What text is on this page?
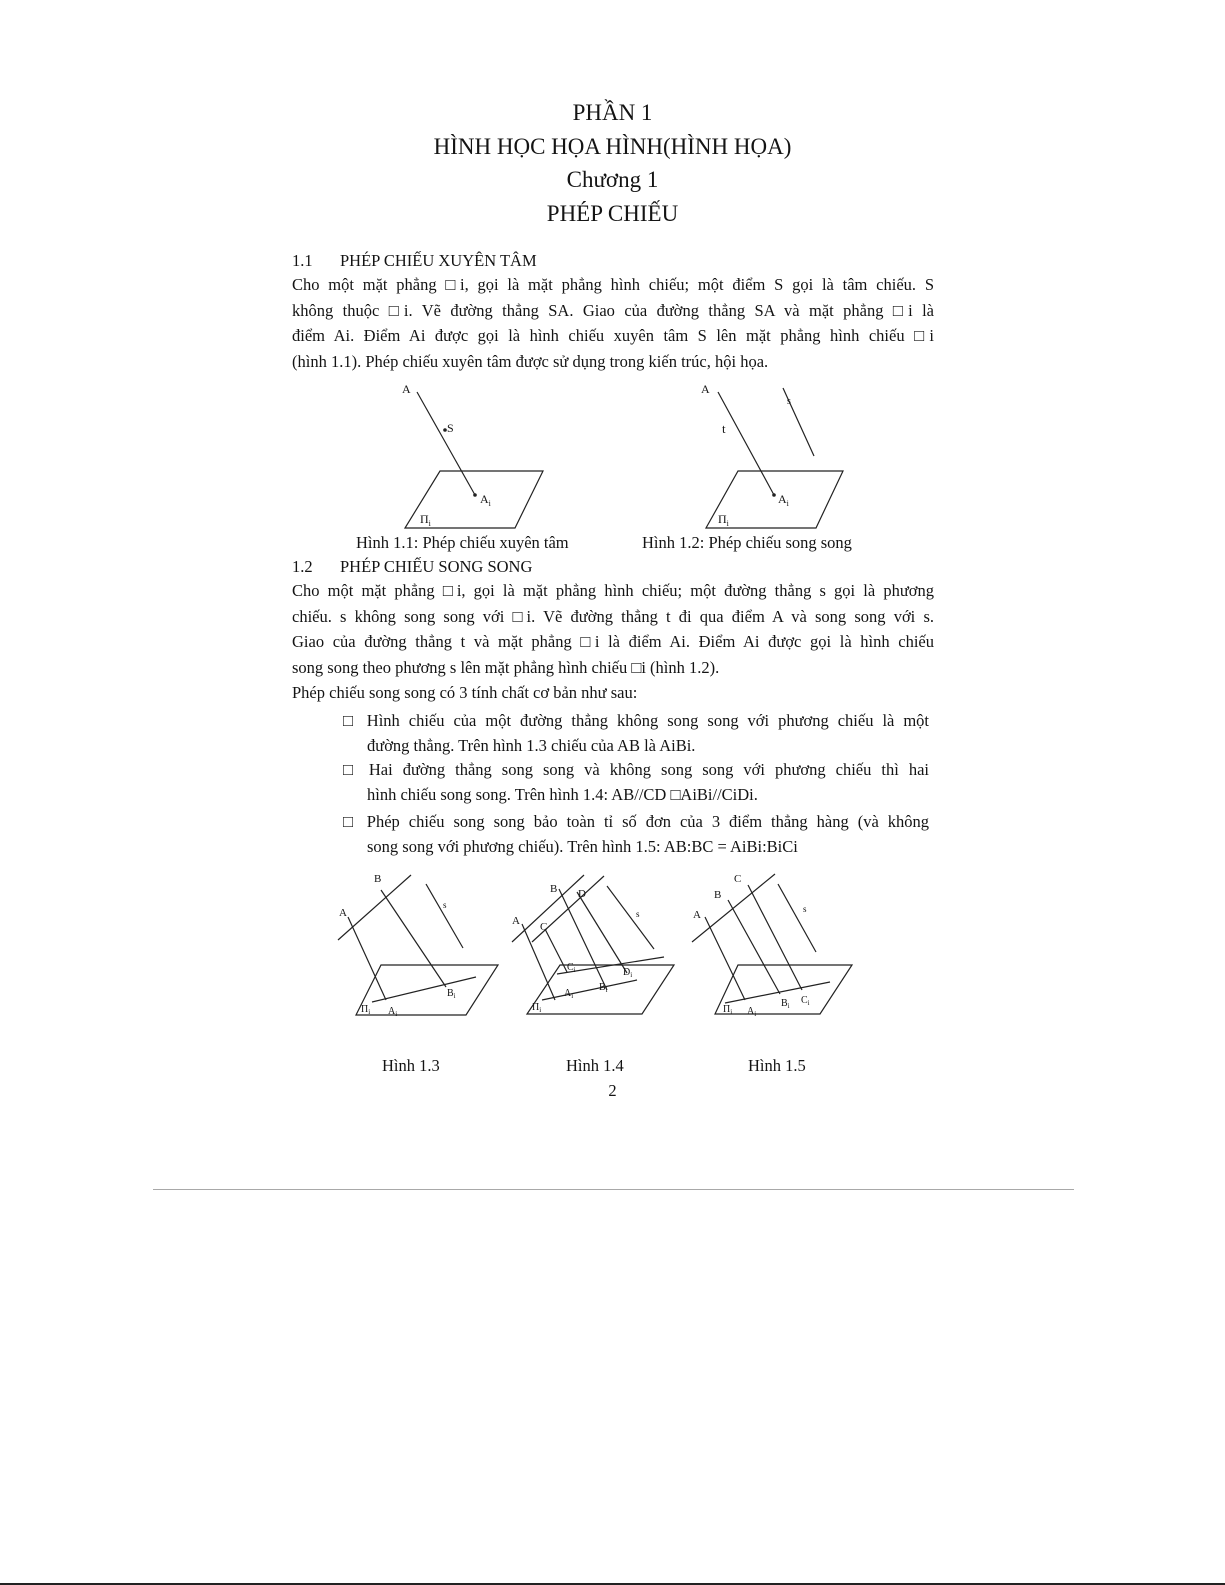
PHẦN 1
HÌNH HỌC HỌA HÌNH(HÌNH HỌA)
Chương 1
PHÉP CHIẾU
1.1 PHÉP CHIẾU XUYÊN TÂM
Cho một mặt phẳng □i, gọi là mặt phẳng hình chiếu; một điểm S gọi là tâm chiếu. S
không thuộc □i. Vẽ đường thẳng SA. Giao của đường thẳng SA và mặt phẳng □i là
điểm Ai. Điểm Ai được gọi là hình chiếu xuyên tâm S lên mặt phẳng hình chiếu □i
(hình 1.1). Phép chiếu xuyên tâm được sử dụng trong kiến trúc, hội họa.
A
S
$A_i$
$\Pi_i$
Hình 1.1: Phép chiếu xuyên tâm
A
s
t
$A_i$
$\Pi_i$
Hình 1.2: Phép chiếu song song
1.2 PHÉP CHIẾU SONG SONG
Cho một mặt phẳng □i, gọi là mặt phẳng hình chiếu; một đường thẳng s gọi là phương
chiếu. s không song song với □i. Vẽ đường thẳng t đi qua điểm A và song song với s.
Giao của đường thẳng t và mặt phẳng □i là điểm Ai. Điểm Ai được gọi là hình chiếu
song song theo phương s lên mặt phẳng hình chiếu □i (hình 1.2).
Phép chiếu song song có 3 tính chất cơ bản như sau:
□ Hình chiếu của một đường thẳng không song song với phương chiếu là một
đường thẳng. Trên hình 1.3 chiếu của AB là AiBi.
□ Hai đường thẳng song song và không song song với phương chiếu thì hai
hình chiếu song song. Trên hình 1.4: AB//CD □AiBi//CiDi.
□ Phép chiếu song song bảo toàn tỉ số đơn của 3 điểm thẳng hàng (và không
song song với phương chiếu). Trên hình 1.5: AB:BC = AiBi:BiCi
A
B
s
$A_i$
$B_i$
$\Pi_i$
A
B
C
D
s
$C_i$	$D_i$
$B_i$
$A_i$
$\Pi_i$
A
B
C
s
$A_i$
$B_i$ $C_i$
$\Pi_i$
Hình 1.3	Hình 1.4	Hình 1.5
2
